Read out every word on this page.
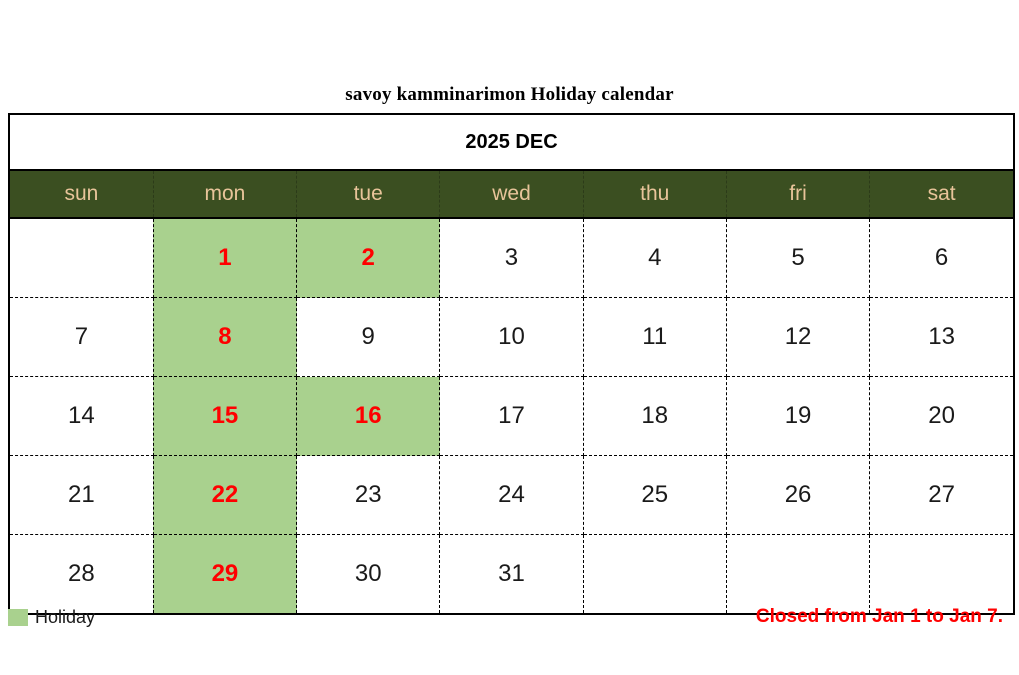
savoy kamminarimon Holiday calendar
2025 DEC						
sun	mon	tue	wed	thu	fri	sat

	1	2	3	4	5	6

7	8	9	10	11	12	13

14	15	16	17	18	19	20

21	22	23	24	25	26	27

28	29	30	31			

Holiday	Closed from Jan 1 to Jan 7.
